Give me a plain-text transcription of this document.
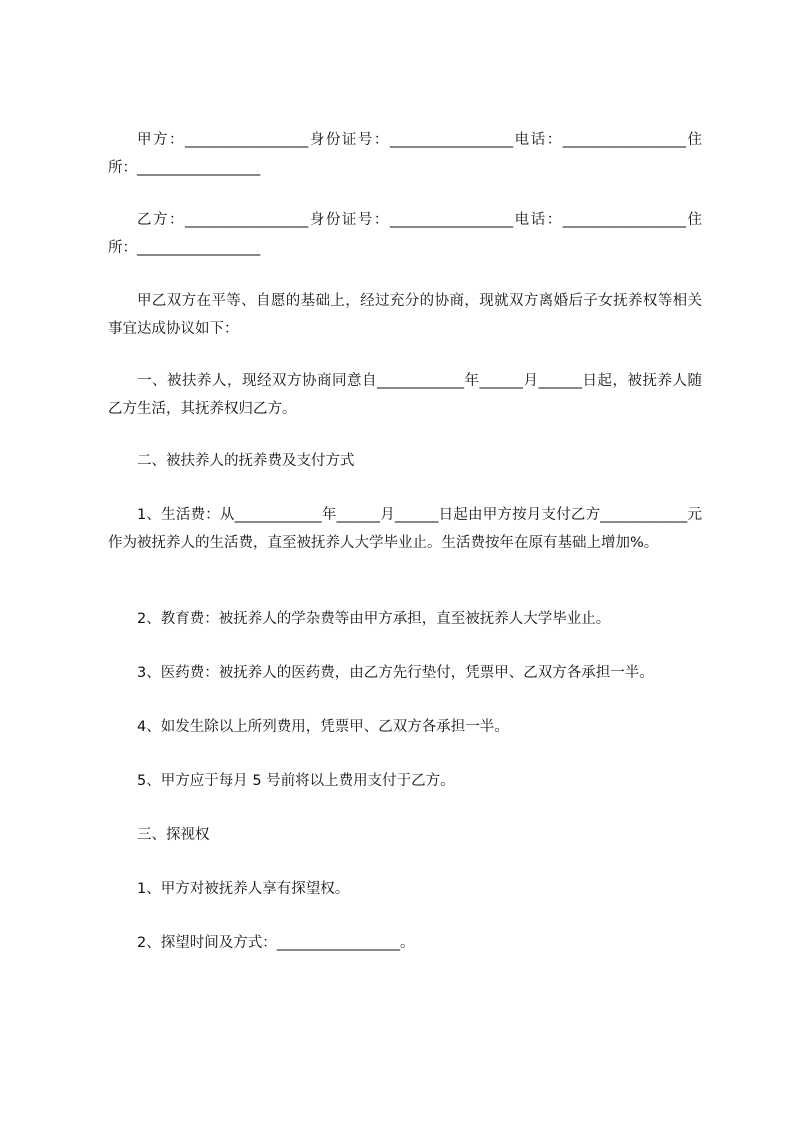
甲方：_________________身份证号：_________________电话：_________________住所：_________________

乙方：_________________身份证号：_________________电话：_________________住所：_________________

甲乙双方在平等、自愿的基础上，经过充分的协商，现就双方离婚后子女抚养权等相关事宜达成协议如下：

一、被扶养人，现经双方协商同意自____________年______月______日起，被抚养人随乙方生活，其抚养权归乙方。

二、被扶养人的抚养费及支付方式

1、生活费：从____________年______月______日起由甲方按月支付乙方____________元作为被抚养人的生活费，直至被抚养人大学毕业止。生活费按年在原有基础上增加%。

2、教育费：被抚养人的学杂费等由甲方承担，直至被抚养人大学毕业止。

3、医药费：被抚养人的医药费，由乙方先行垫付，凭票甲、乙双方各承担一半。

4、如发生除以上所列费用，凭票甲、乙双方各承担一半。

5、甲方应于每月 5 号前将以上费用支付于乙方。

三、探视权

1、甲方对被抚养人享有探望权。

2、探望时间及方式：_________________。
